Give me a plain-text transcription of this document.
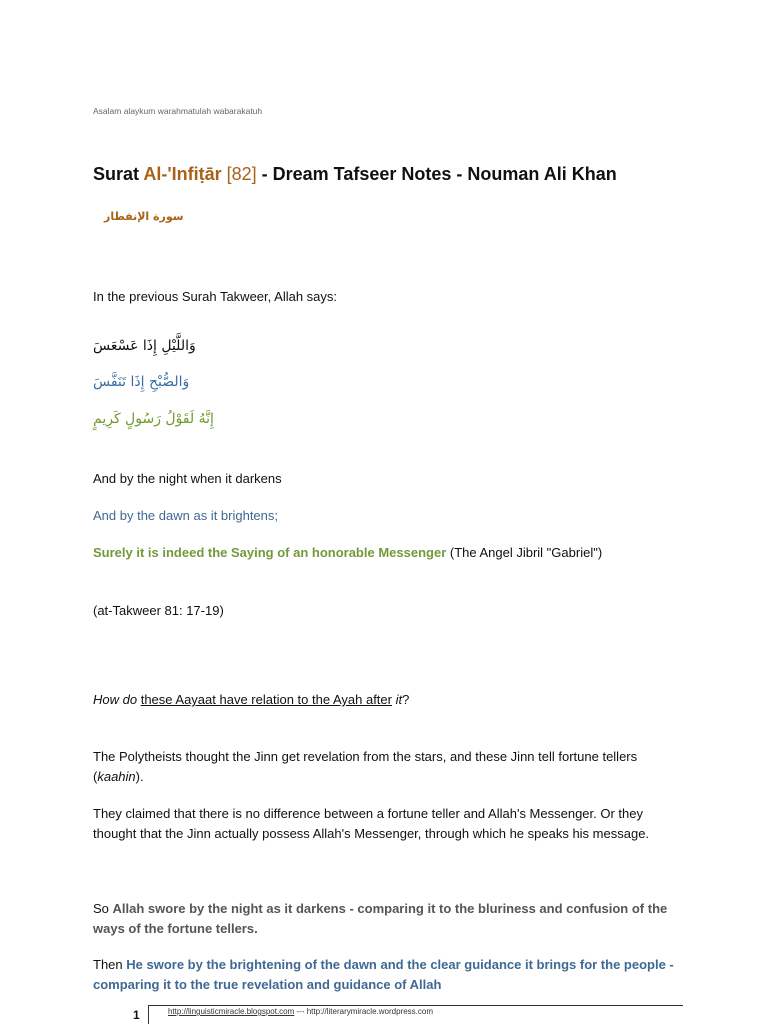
Asalam alaykum warahmatulah wabarakatuh

Surat Al-'Infiṭār [82] - Dream Tafseer Notes - Nouman Ali Khan

سورة الإنفطار

In the previous Surah Takweer, Allah says:

وَاللَّيْلِ إِذَا عَسْعَسَ

وَالصُّبْحِ إِذَا تَنَفَّسَ

إِنَّهُ لَقَوْلُ رَسُولٍ كَرِيمٍ

And by the night when it darkens

And by the dawn as it brightens;

Surely it is indeed the Saying of an honorable Messenger (The Angel Jibril "Gabriel")

(at-Takweer 81: 17-19)

How do these Aayaat have relation to the Ayah after it?

The Polytheists thought the Jinn get revelation from the stars, and these Jinn tell fortune tellers (kaahin).

They claimed that there is no difference between a fortune teller and Allah's Messenger. Or they thought that the Jinn actually possess Allah's Messenger, through which he speaks his message.

So Allah swore by the night as it darkens - comparing it to the bluriness and confusion of the ways of the fortune tellers.

Then He swore by the brightening of the dawn and the clear guidance it brings for the people - comparing it to the true revelation and guidance of Allah

1	http://linguisticmiracle.blogspot.com --- http://literarymiracle.wordpress.com
